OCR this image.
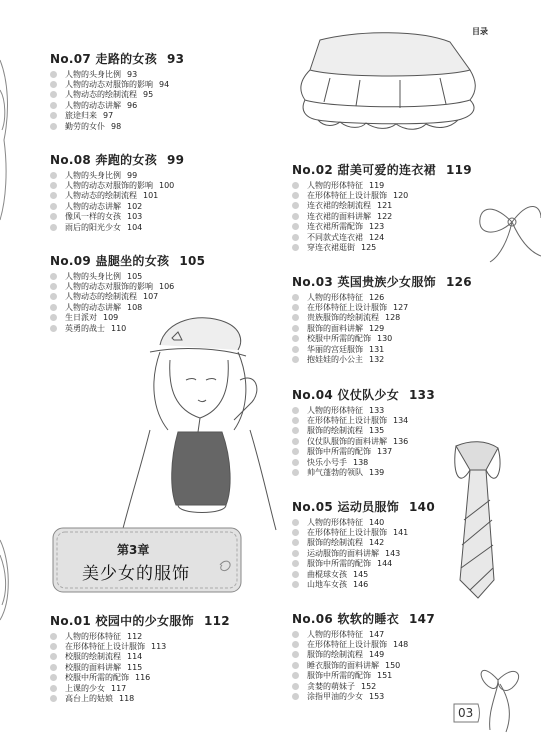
目录
No.07 走路的女孩 93
人物的头身比例 93
人物的动态对服饰的影响 94
人物动态的绘制流程 95
人物的动态讲解 96
旅途归来 97
勤劳的女仆 98
No.08 奔跑的女孩 99
人物的头身比例 99
人物的动态对服饰的影响 100
人物动态的绘制流程 101
人物的动态讲解 102
像风一样的女孩 103
雨后的阳光少女 104
No.09 蛊腿坐的女孩 105
人物的头身比例 105
人物的动态对服饰的影响 106
人物动态的绘制流程 107
人物的动态讲解 108
生日派对 109
英勇的战士 110
第3章
美少女的服饰
No.01 校园中的少女服饰 112
人物的形体特征 112
在形体特征上设计服饰 113
校服的绘制流程 114
校服的面料讲解 115
校服中所需的配饰 116
上课的少女 117
高台上的姑娘 118
No.02 甜美可爱的连衣裙 119
人物的形体特征 119
在形体特征上设计服饰 120
连衣裙的绘制流程 121
连衣裙的面料讲解 122
连衣裙所需配饰 123
不同款式连衣裙 124
穿连衣裙逛街 125
No.03 英国贵族少女服饰 126
人物的形体特征 126
在形体特征上设计服饰 127
贵族服饰的绘制流程 128
服饰的面料讲解 129
校服中所需的配饰 130
华丽的宫廷服饰 131
抱娃娃的小公主 132
No.04 仪仗队少女 133
人物的形体特征 133
在形体特征上设计服饰 134
服饰的绘制流程 135
仪仗队服饰的面料讲解 136
服饰中所需的配饰 137
快乐小号手 138
帅气蓬勃的领队 139
No.05 运动员服饰 140
人物的形体特征 140
在形体特征上设计服饰 141
服饰的绘制流程 142
运动服饰的面料讲解 143
服饰中所需的配饰 144
曲棍球女孩 145
山地车女孩 146
No.06 软软的睡衣 147
人物的形体特征 147
在形体特征上设计服饰 148
服饰的绘制流程 149
睡衣服饰的面料讲解 150
服饰中所需的配饰 151
贪婪的萌妹子 152
涂指甲油的少女 153
03
